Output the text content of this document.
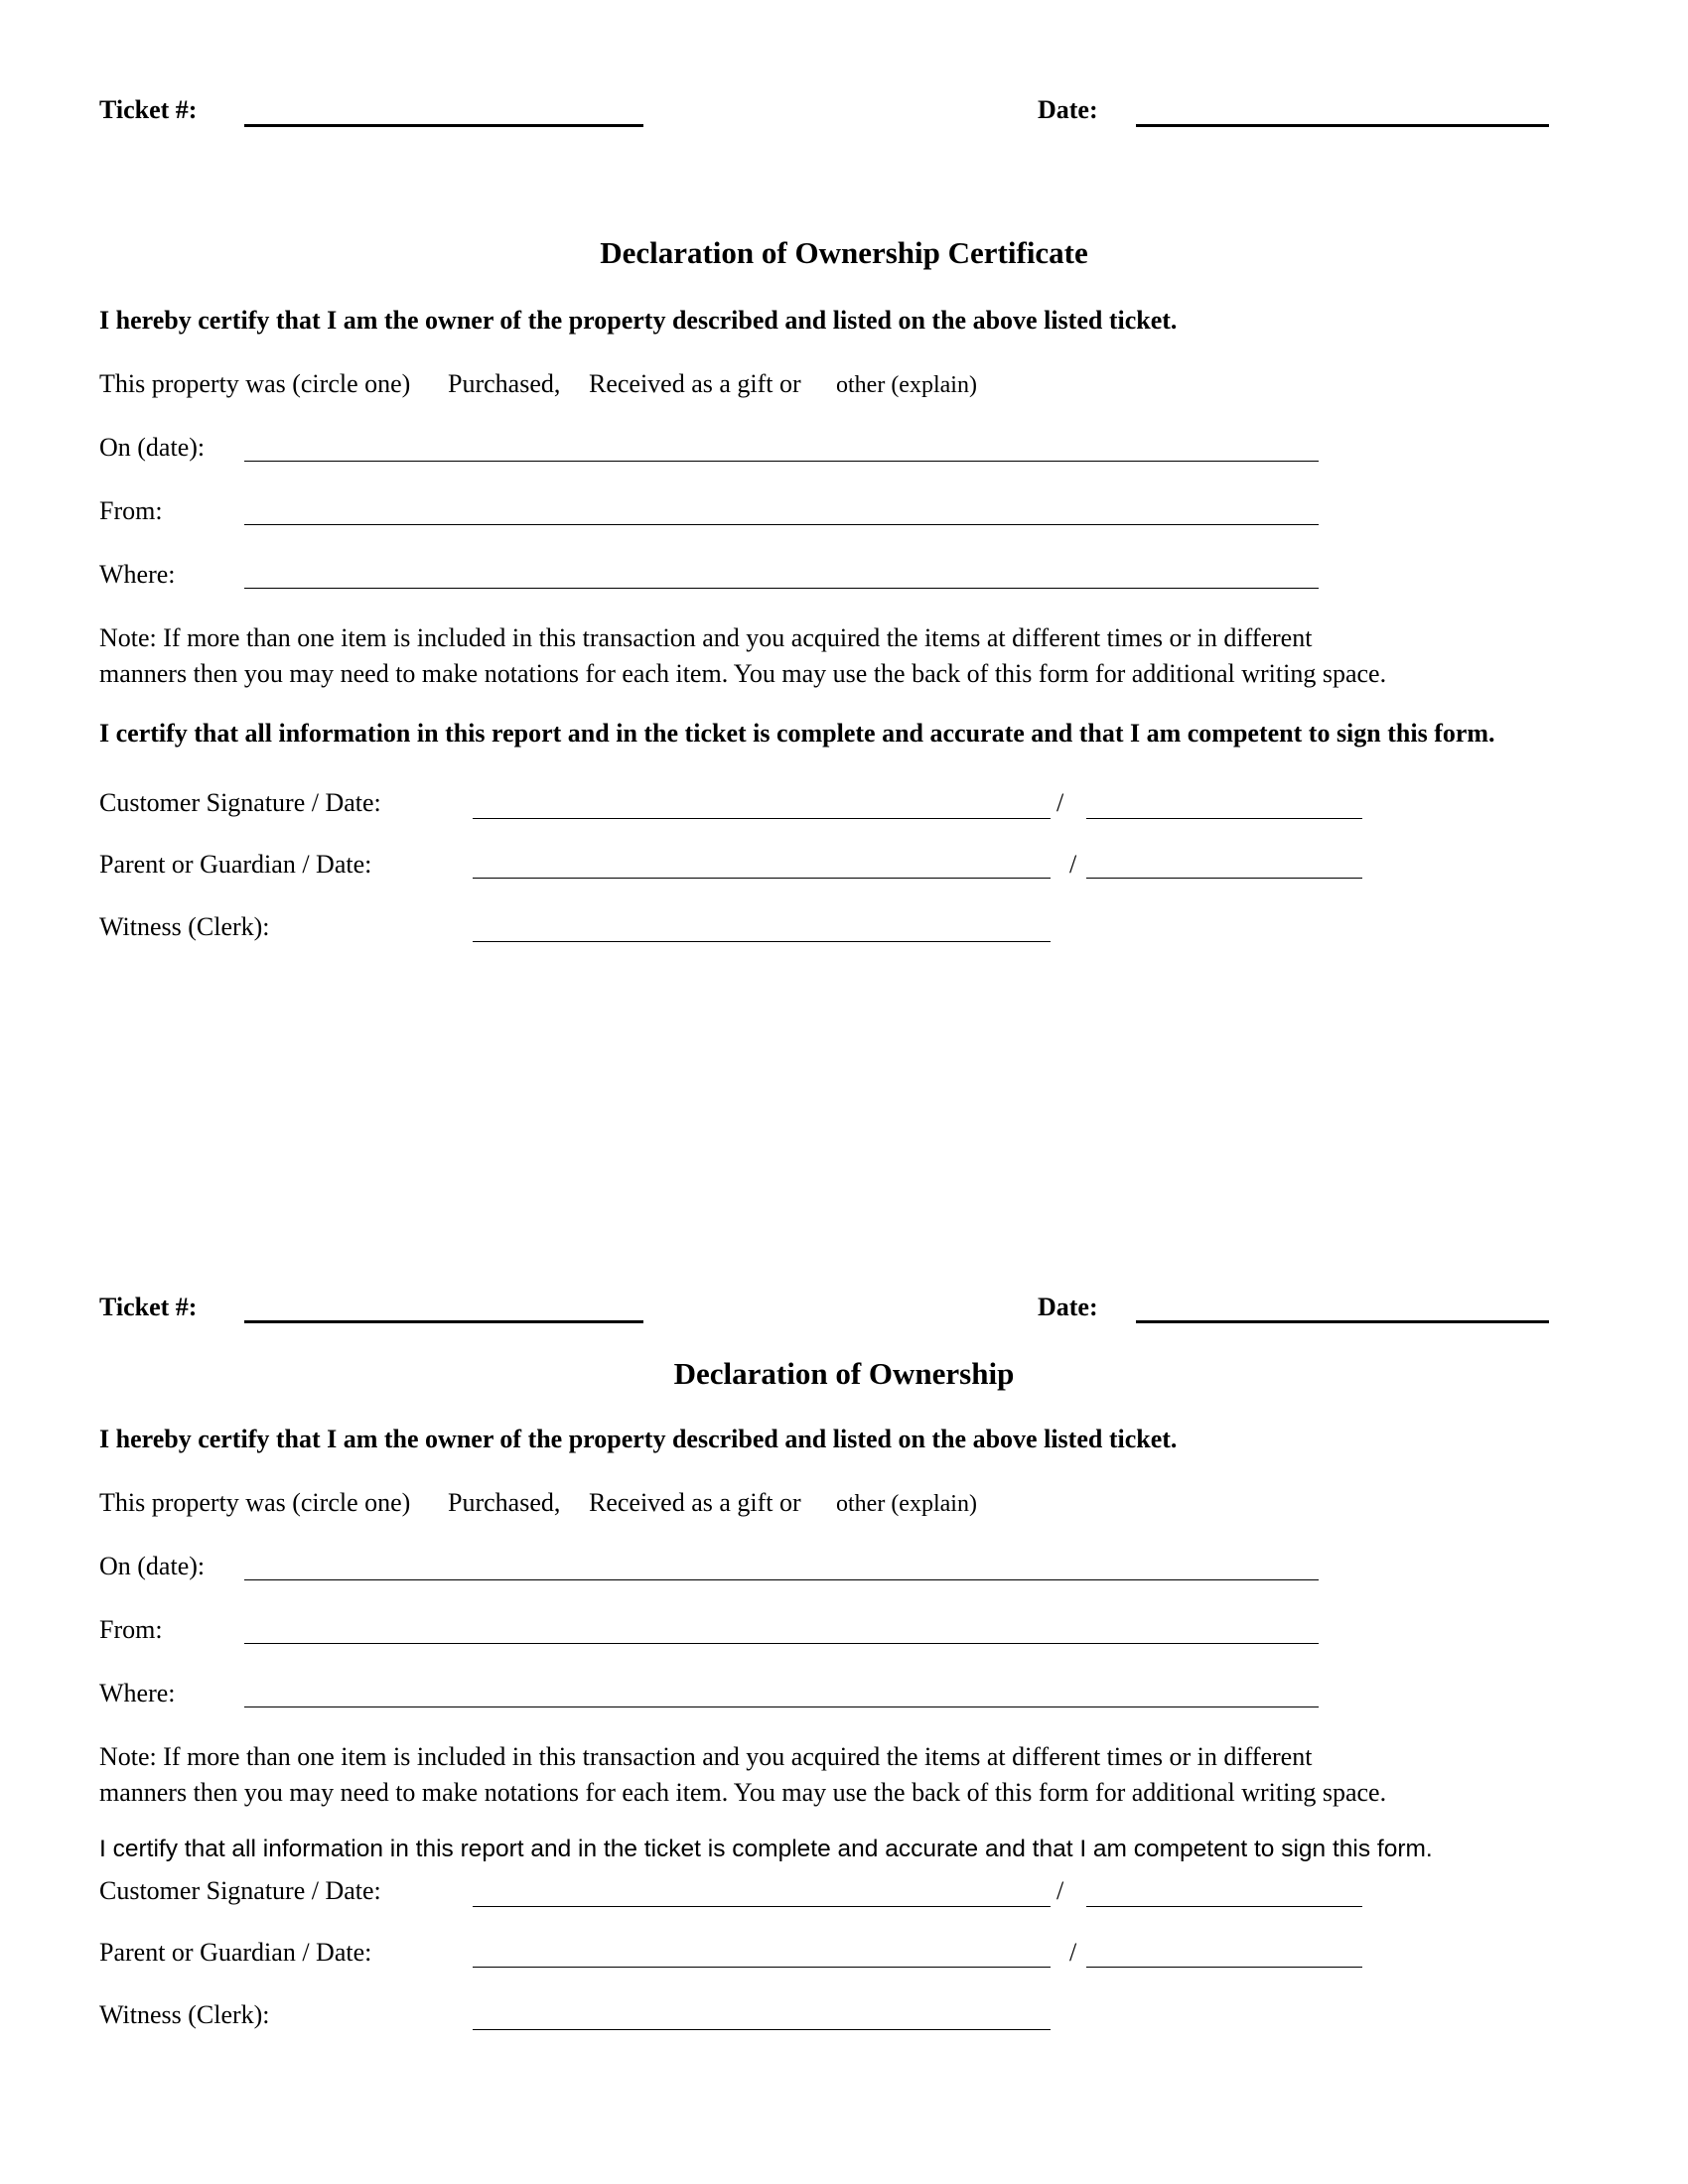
Ticket #:	Date:
Declaration of Ownership Certificate
I hereby certify that I am the owner of the property described and listed on the above listed ticket.
This property was (circle one) Purchased, Received as a gift or other (explain)
On (date):
From:
Where:
Note: If more than one item is included in this transaction and you acquired the items at different times or in different
manners then you may need to make notations for each item. You may use the back of this form for additional writing space.
I certify that all information in this report and in the ticket is complete and accurate and that I am competent to sign this form.
Customer Signature / Date:	/
Parent or Guardian / Date:	/
Witness (Clerk):
Ticket #:	Date:
Declaration of Ownership
I hereby certify that I am the owner of the property described and listed on the above listed ticket.
This property was (circle one) Purchased, Received as a gift or other (explain)
On (date):
From:
Where:
Note: If more than one item is included in this transaction and you acquired the items at different times or in different
manners then you may need to make notations for each item. You may use the back of this form for additional writing space.
I certify that all information in this report and in the ticket is complete and accurate and that I am competent to sign this form.
Customer Signature / Date:	/
Parent or Guardian / Date:	/
Witness (Clerk):
